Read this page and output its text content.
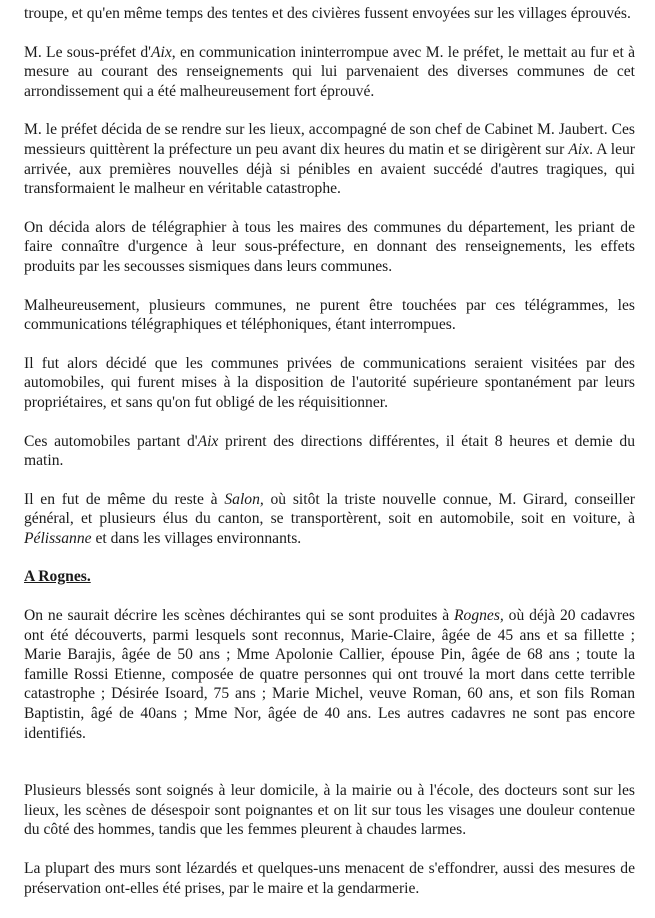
troupe, et qu'en même temps des tentes et des civières fussent envoyées sur les villages éprouvés.

M. Le sous-préfet d'Aix, en communication ininterrompue avec M. le préfet, le mettait au fur et à mesure au courant des renseignements qui lui parvenaient des diverses communes de cet arrondissement qui a été malheureusement fort éprouvé.

M. le préfet décida de se rendre sur les lieux, accompagné de son chef de Cabinet M. Jaubert. Ces messieurs quittèrent la préfecture un peu avant dix heures du matin et se dirigèrent sur Aix. A leur arrivée, aux premières nouvelles déjà si pénibles en avaient succédé d'autres tragiques, qui transformaient le malheur en véritable catastrophe.

On décida alors de télégraphier à tous les maires des communes du département, les priant de faire connaître d'urgence à leur sous-préfecture, en donnant des renseignements, les effets produits par les secousses sismiques dans leurs communes.

Malheureusement, plusieurs communes, ne purent être touchées par ces télégrammes, les communications télégraphiques et téléphoniques, étant interrompues.

Il fut alors décidé que les communes privées de communications seraient visitées par des automobiles, qui furent mises à la disposition de l'autorité supérieure spontanément par leurs propriétaires, et sans qu'on fut obligé de les réquisitionner.

Ces automobiles partant d'Aix prirent des directions différentes, il était 8 heures et demie du matin.

Il en fut de même du reste à Salon, où sitôt la triste nouvelle connue, M. Girard, conseiller général, et plusieurs élus du canton, se transportèrent, soit en automobile, soit en voiture, à Pélissanne et dans les villages environnants.

A Rognes.

On ne saurait décrire les scènes déchirantes qui se sont produites à Rognes, où déjà 20 cadavres ont été découverts, parmi lesquels sont reconnus, Marie-Claire, âgée de 45 ans et sa fillette ; Marie Barajis, âgée de 50 ans ; Mme Apolonie Callier, épouse Pin, âgée de 68 ans ; toute la famille Rossi Etienne, composée de quatre personnes qui ont trouvé la mort dans cette terrible catastrophe ; Désirée Isoard, 75 ans ; Marie Michel, veuve Roman, 60 ans, et son fils Roman Baptistin, âgé de 40ans ; Mme Nor, âgée de 40 ans. Les autres cadavres ne sont pas encore identifiés.

Plusieurs blessés sont soignés à leur domicile, à la mairie ou à l'école, des docteurs sont sur les lieux, les scènes de désespoir sont poignantes et on lit sur tous les visages une douleur contenue du côté des hommes, tandis que les femmes pleurent à chaudes larmes.

La plupart des murs sont lézardés et quelques-uns menacent de s'effondrer, aussi des mesures de préservation ont-elles été prises, par le maire et la gendarmerie.
